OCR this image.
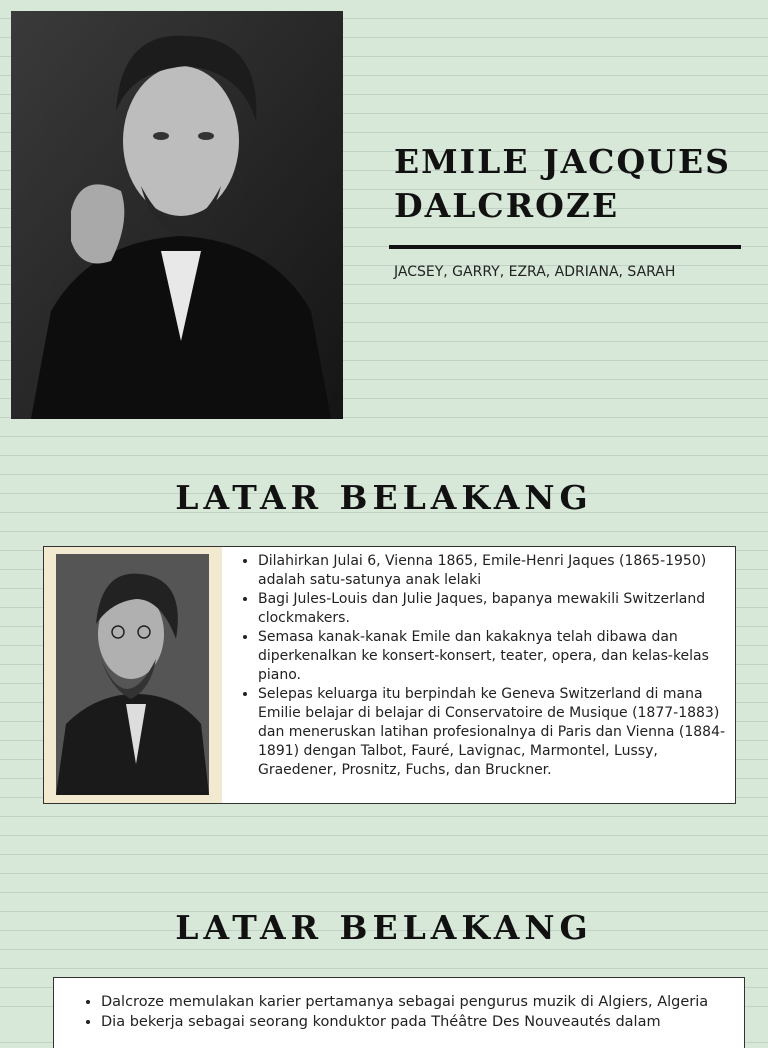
EMILE JACQUES DALCROZE
JACSEY, GARRY, EZRA, ADRIANA, SARAH
LATAR BELAKANG
• Dilahirkan Julai 6, Vienna 1865, Emile-Henri Jaques (1865-1950) adalah satu-satunya anak lelaki
• Bagi Jules-Louis dan Julie Jaques, bapanya mewakili Switzerland clockmakers.
• Semasa kanak-kanak Emile dan kakaknya telah dibawa dan diperkenalkan ke konsert-konsert, teater, opera, dan kelas-kelas piano.
• Selepas keluarga itu berpindah ke Geneva Switzerland di mana Emilie belajar di belajar di Conservatoire de Musique (1877-1883) dan meneruskan latihan profesionalnya di Paris dan Vienna (1884-1891) dengan Talbot, Fauré, Lavignac, Marmontel, Lussy, Graedener, Prosnitz, Fuchs, dan Bruckner.
LATAR BELAKANG
• Dalcroze memulakan karier pertamanya sebagai pengurus muzik di Algiers, Algeria
• Dia bekerja sebagai seorang konduktor pada Théâtre Des Nouveautés dalam
